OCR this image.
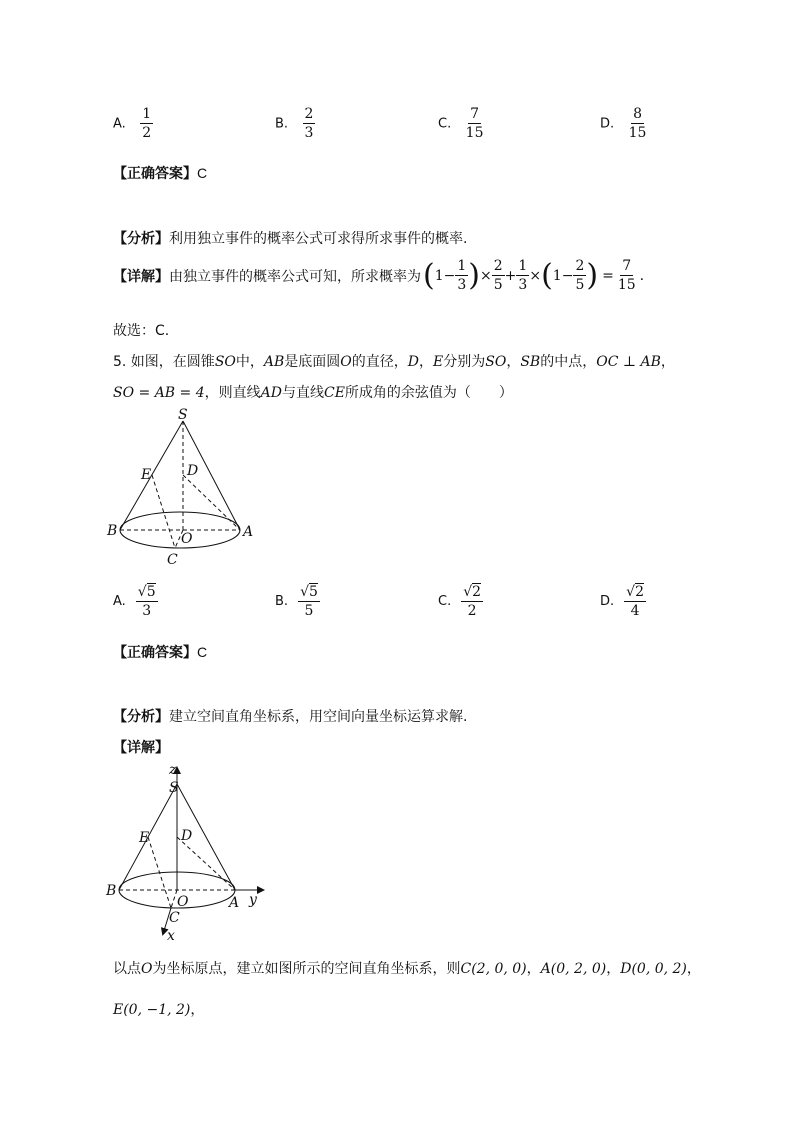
A. $\frac{1}{2}$	B. $\frac{2}{3}$	C. $\frac{7}{15}$	D. $\frac{8}{15}$
【正确答案】C
【分析】利用独立事件的概率公式可求得所求事件的概率.
【详解】 由独立事件的概率公式可知，所求概率为 ( $1 - \frac{1}{3}$ ) × $\frac{2}{5} + \frac{1}{3}$ × ( $1 - \frac{2}{5}$ ) = $\frac{7}{15}$ .
故选：C.
5. 如图，在圆锥SO中，AB是底面圆O的直径，D，E分别为SO，SB的中点，OC ⊥ AB，
SO = AB = 4，则直线AD与直线CE所成角的余弦值为（　　）
S
E	D
B	O	A
C
A. $\frac{√5}{3}$	B. $\frac{√5}{5}$	C. $\frac{√2}{2}$	D. $\frac{√2}{4}$
【正确答案】C
【分析】建立空间直角坐标系，用空间向量坐标运算求解.
【详解】
z
S
E D
B
O	A y
C
x
以点O为坐标原点，建立如图所示的空间直角坐标系，则C(2, 0, 0)，A(0, 2, 0)，D(0, 0, 2)，
E(0, −1, 2)，
